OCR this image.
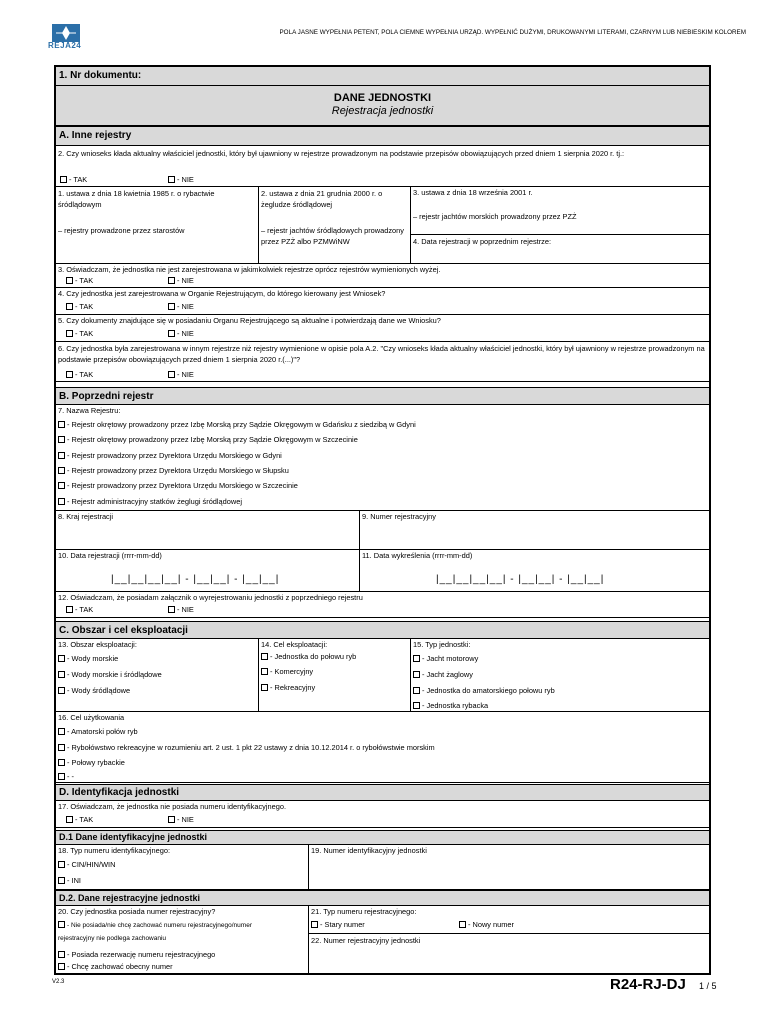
REJA24
POLA JASNE WYPEŁNIA PETENT, POLA CIEMNE WYPEŁNIA URZĄD. WYPEŁNIĆ DUŻYMI, DRUKOWANYMI LITERAMI, CZARNYM LUB NIEBIESKIM KOLOREM
1. Nr dokumentu:
DANE JEDNOSTKI
Rejestracja jednostki
A. Inne rejestry
2. Czy wnioseks kłada aktualny właściciel jednostki, który był ujawniony w rejestrze prowadzonym na podstawie przepisów obowiązujących przed dniem 1 sierpnia 2020 r. tj.:
- TAK	- NIE
1. ustawa z dnia 18 kwietnia 1985 r. o rybactwie śródlądowym
– rejestry prowadzone przez starostów
2. ustawa z dnia 21 grudnia 2000 r. o żegludze śródlądowej
– rejestr jachtów śródlądowych prowadzony przez PZŻ albo PZMWiNW
3. ustawa z dnia 18 września 2001 r.
– rejestr jachtów morskich prowadzony przez PZŻ
4. Data rejestracji w poprzednim rejestrze:
3. Oświadczam, że jednostka nie jest zarejestrowana w jakimkolwiek rejestrze oprócz rejestrów wymienionych wyżej.
- TAK	- NIE
4. Czy jednostka jest zarejestrowana w Organie Rejestrującym, do którego kierowany jest Wniosek?
- TAK	- NIE
5. Czy dokumenty znajdujące się w posiadaniu Organu Rejestrującego są aktualne i potwierdzają dane we Wniosku?
- TAK	- NIE
6. Czy jednostka była zarejestrowana w innym rejestrze niż rejestry wymienione w opisie pola A.2. "Czy wnioseks kłada aktualny właściciel jednostki, który był ujawniony w rejestrze prowadzonym na podstawie przepisów obowiązujących przed dniem 1 sierpnia 2020 r.(...)"?
- TAK	- NIE
B. Poprzedni rejestr
7. Nazwa Rejestru:
- Rejestr okrętowy prowadzony przez Izbę Morską przy Sądzie Okręgowym w Gdańsku z siedzibą w Gdyni
- Rejestr okrętowy prowadzony przez Izbę Morską przy Sądzie Okręgowym w Szczecinie
- Rejestr prowadzony przez Dyrektora Urzędu Morskiego w Gdyni
- Rejestr prowadzony przez Dyrektora Urzędu Morskiego w Słupsku
- Rejestr prowadzony przez Dyrektora Urzędu Morskiego w Szczecinie
- Rejestr administracyjny statków żeglugi śródlądowej
8. Kraj rejestracji	9. Numer rejestracyjny
10. Data rejestracji (rrrr-mm-dd)
|__|__|__|__| - |__|__| - |__|__|
11. Data wykreślenia (rrrr-mm-dd)
|__|__|__|__| - |__|__| - |__|__|
12. Oświadczam, że posiadam załącznik o wyrejestrowaniu jednostki z poprzedniego rejestru
- TAK	- NIE
C. Obszar i cel eksploatacji
13. Obszar eksploatacji:
- Wody morskie
- Wody morskie i śródlądowe
- Wody śródlądowe
14. Cel eksploatacji:
- Jednostka do połowu ryb
- Komercyjny
- Rekreacyjny
15. Typ jednostki:
- Jacht motorowy
- Jacht żaglowy
- Jednostka do amatorskiego połowu ryb
- Jednostka rybacka
16. Cel użytkowania
- Amatorski połów ryb
- Rybołówstwo rekreacyjne w rozumieniu art. 2 ust. 1 pkt 22 ustawy z dnia 10.12.2014 r. o rybołówstwie morskim
- Połowy rybackie
- -
D. Identyfikacja jednostki
17. Oświadczam, że jednostka nie posiada numeru identyfikacyjnego.
- TAK	- NIE
D.1 Dane identyfikacyjne jednostki
18. Typ numeru identyfikacyjnego:
- CIN/HIN/WIN
- INI
19. Numer identyfikacyjny jednostki
D.2. Dane rejestracyjne jednostki
20. Czy jednostka posiada numer rejestracyjny?
- Nie posiada/nie chcę zachować numeru rejestracyjnego/numer
rejestracyjny nie podlega zachowaniu
- Posiada rezerwację numeru rejestracyjnego
- Chcę zachować obecny numer
21. Typ numeru rejestracyjnego:
- Stary numer	- Nowy numer
22. Numer rejestracyjny jednostki
V2.3	R24-RJ-DJ 1 / 5
